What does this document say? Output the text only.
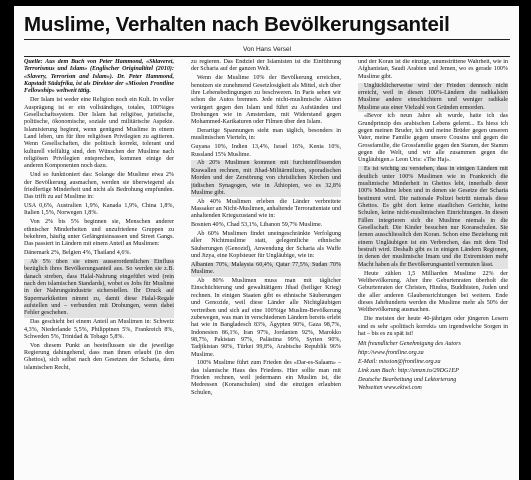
Muslime, Verhalten nach Bevölkerungsanteil
Von Hans Versel

Quelle: Aus dem Buch von Peter Hammond, «Sklaverei, Terrorismus und Islam» (Englischer Originaltitel (2010): «Slavery, Terrorism and Islam»). Dr. Peter Hammond, Kapstadt Südafrika, ist als Direktor der «Mission Frontline Fellowship» weltweit tätig.

Der Islam ist weder eine Religion noch ein Kult. In voller Ausprägung ist er ein vollständiges, totales, 100%iges Gesellschaftssystem. Der Islam hat religiöse, juristische, politische, ökonomische, soziale und militärische Aspekte. Islamisierung beginnt, wenn genügend Muslime in einem Land leben, um für ihre religiösen Privilegien zu agitieren. Wenn Gesellschaften, die politisch korrekt, tolerant und kulturell vielfältig sind, den Wünschen der Muslime nach religiösen Privilegien entsprechen, kommen einige der anderen Komponenten noch dazu.

Und so funktioniert das: Solange die Muslime etwa 2% der Bevölkerung ausmachen, werden sie überwiegend als friedfertige Minderheit und nicht als Bedrohung empfunden. Das trifft zu auf Muslime in:

USA 0,6%, Australien 1,9%, Kanada 1,9%, China 1,8%, Italien 1,5%, Norwegen 1,8%.

Von 2% bis 5% beginnen sie, Menschen anderer ethnischer Minderheiten und unzufriedene Gruppen zu bekehren, häufig unter Gefängnisinsassen und Street Gangs. Das passiert in Ländern mit einem Anteil an Muslimen:

Dänemark 2%, Belgien 4%, Thailand 4,6%.

Ab 5% üben sie einen ausserordentlichen Einfluss bezüglich ihres Bevölkerungsanteil aus. So werden sie z.B. danach streben, dass Halal-Nahrung eingeführt wird (rein nach den islamischen Standards), wobei es Jobs für Muslime in der Nahrungsindustrie sicherstellen. Ihr Druck auf Supermarktketten nimmt zu, damit diese Halal-Regale aufstellen und – verbunden mit Drohungen, wenn dabei Fehler geschehen.

Das geschieht bei einem Anteil an Muslimen in: Schweiz 4,3%, Niederlande 5,5%, Philippinen 5%, Frankreich 8%, Schweden 5%, Trinidad & Tobago 5,8%.

Von diesem Punkt an beeinflussen sie die jeweilige Regierung dahingehend, dass man ihnen erlaubt (in den Ghettos), sich selbst nach den Gesetzen der Scharia, dem islamischen Recht,

zu regieren. Das Endziel der Islamisten ist die Einführung der Scharia auf der ganzen Welt.

Wenn die Muslime 10% der Bevölkerung erreichen, benutzen sie zunehmend Gesetzlosigkeit als Mittel, sich über ihre Lebensbedingungen zu beschweren. In Paris sehen wir schon die Autos brennen. Jede nicht-muslimische Aktion verärgert gegen den Islam und führt zu Aufständen und Drohungen wie in Amsterdam, mit Widerstand gegen Mohammed-Karikaturen oder Filmen über den Islam.

Derartige Spannungen sieht man täglich, besonders in muslimischen Vierteln, in:

Guyana 10%, Indien 13,4%, Israel 16%, Kenia 10%, Russland 15% Muslime.

Ab 20% Muslimen kommen mit furchteinflössenden Krawallen rechnen, mit Jihad-Militärmilizen, sporadischen Morden und der Zerstörung von christlichen Kirchen und jüdischen Synagogen, wie in Äthiopien, wo es 32,8% Muslime gibt.

Ab 40% Muslimen erleben die Länder verbreitete Massaker an Nicht-Muslimen, anhaltende Terrorattentate und anhaltenden Kriegszustand wie in:

Bosnien 40%, Chad 53,1%, Libanon 59,7% Muslime.

Ab 60% Muslimen findet uneingeschränkte Verfolgung aller Nichtmuslime statt, gelegentliche ethnische Säuberungen (Genozid), Anwendung der Scharia als Waffe und Jizya, eine Kopfsteuer für Ungläubige, wie in:

Albanien 70%, Malaysia 60,4%, Qatar 77,5%, Sudan 70% Muslime.

Ab 80% Muslimen muss man mit täglicher Einschüchterung und gewalttätigem Jihad (heiliger Krieg) rechnen. In einigen Staaten gibt es ethnische Säuberungen und Genozide, weil diese Länder alle Nichtgläubigen vertreiben und sich auf eine 100%ige Muslim-Bevölkerung zubewegen, was man in verschiedenen Ländern bereits erlebt hat wie in Bangladesch 83%, Ägypten 90%, Gaza 98,7%, Indonesien 86,1%, Iran 97%, Jordanien 92%, Marokko 98,7%, Pakistan 97%, Palästina 99%, Syrien 90%, Tadjikistan 90%, Türkei 99,8%, Arabische Republik 96% Muslime.

100% Muslime führt zum Frieden des «Dar-es-Salaam» – das islamische Haus des Friedens. Hier sollte man mit Frieden rechnen, weil jedermann ein Muslim ist, die Medressen (Koranschulen) sind die einzigen erlaubten Schulen,

und der Koran ist die einzige, unumstrittene Wahrheit, wie in Afghanistan, Saudi Arabien und Jemen, wo es gerade 100% Muslime gibt.

Unglücklicherweise wird der Frieden dennoch nicht erreicht, weil in diesen 100%-Ländern die radikalsten Muslime andere einschüchtern und weniger radikale Muslime aus einer Vielzahl von Gründen ermorden.

«Bevor ich neun Jahre alt wurde, hatte ich das Grundprinzip des arabischen Lebens gelernt... Es hiess ich gegen meinen Bruder, ich und meine Brüder gegen unseren Vater, meine Familie gegen unsere Cousins und gegen die Grossfamilie, die Grossfamilie gegen den Stamm, der Stamm gegen die Welt, und wir alle zusammen gegen die Ungläubigen.» Leon Uris: «The Haj».

Es ist wichtig zu verstehen, dass in einigen Ländern mit deutlich unter 100% Muslimen wie in Frankreich die muslimische Minderheit in Ghettos lebt, innerhalb derer 100% Muslime leben und in denen sie Gesetze der Scharia bestimmt wird. Die nationale Polizei betritt niemals diese Ghettos. Es gibt dort keine staatlichen Gerichte, keine Schulen, keine nicht-muslimischen Einrichtungen. In diesen Fällen integrieren sich die Muslime niemals in die Gesellschaft. Die Kinder besuchen nur Koranschulen. Sie lernen ausschliesslich den Koran. Schon eine Beziehung mit einem Ungläubigen ist ein Verbrechen, das mit dem Tod bestraft wird. Deshalb gibt es in einigen Ländern Regionen, in denen der muslimische Imam und die Extremisten mehr Macht haben als ihr Bevölkerungsanteil vermuten lässt.

Heute zählen 1,5 Milliarden Muslime 22% der Weltbevölkerung. Aber ihre Geburtenraten überholt die Geburtenraten der Christen, Hindus, Buddhisten, Juden und die aller anderen Glaubensrichtungen bei weitem. Ende dieses Jahrhunderts werden die Muslime mehr als 50% der Weltbevölkerung ausmachen.

Die meisten der heute 40-jährigen oder jüngeren Lesern sind es sehr «politisch korrekt» um irgendwelche Sorgen in hat – bis es zu spät ist!

Mit freundlicher Genehmigung des Autors

http://www.frontline.org.za

E-Mail: mission@frontline.org.za

Link zum Buch: http://amzn.to/29DG1EP

Deutsche Bearbeitung und Lektorierung

Webseiten www.ekiwi.com
